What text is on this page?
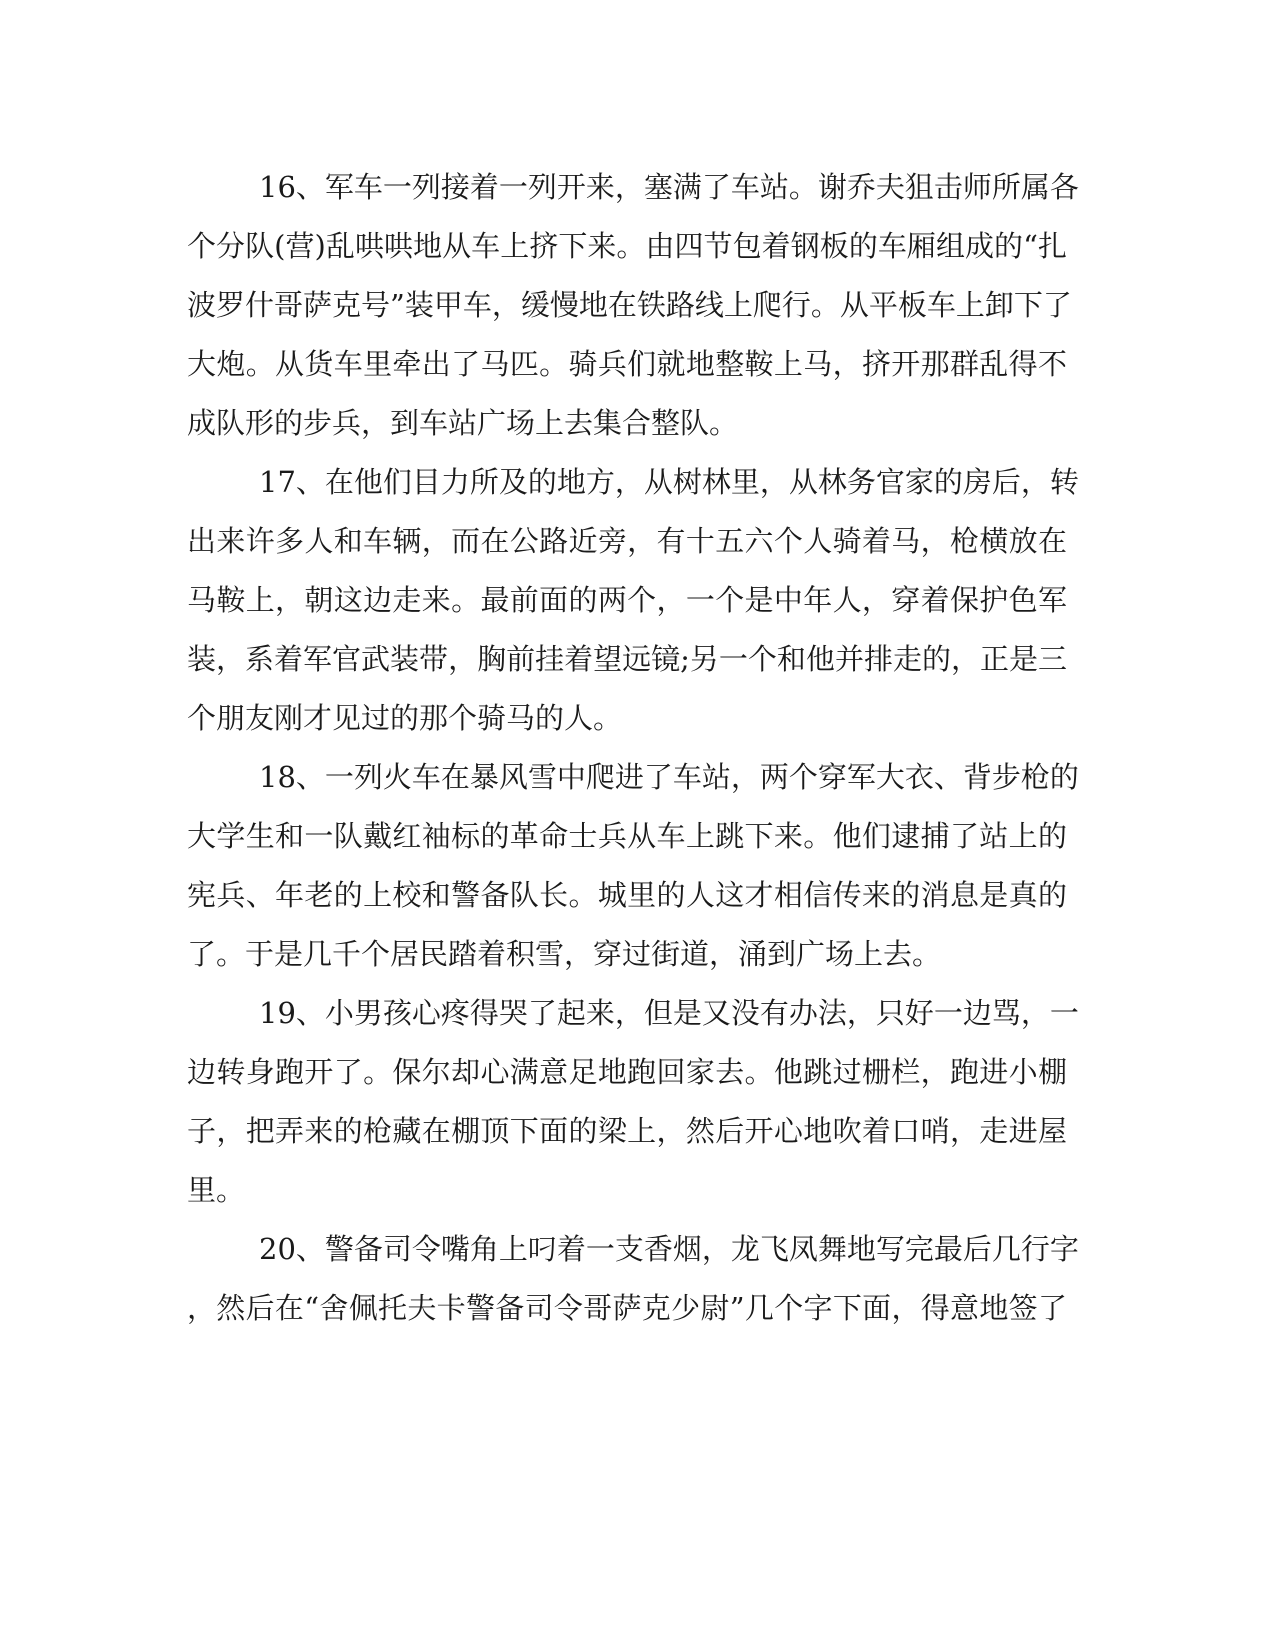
16、军车一列接着一列开来，塞满了车站。谢乔夫狙击师所属各
个分队(营)乱哄哄地从车上挤下来。由四节包着钢板的车厢组成的“扎
波罗什哥萨克号”装甲车，缓慢地在铁路线上爬行。从平板车上卸下了
大炮。从货车里牵出了马匹。骑兵们就地整鞍上马，挤开那群乱得不
成队形的步兵，到车站广场上去集合整队。
17、在他们目力所及的地方，从树林里，从林务官家的房后，转
出来许多人和车辆，而在公路近旁，有十五六个人骑着马，枪横放在
马鞍上，朝这边走来。最前面的两个，一个是中年人，穿着保护色军
装，系着军官武装带，胸前挂着望远镜;另一个和他并排走的，正是三
个朋友刚才见过的那个骑马的人。
18、一列火车在暴风雪中爬进了车站，两个穿军大衣、背步枪的
大学生和一队戴红袖标的革命士兵从车上跳下来。他们逮捕了站上的
宪兵、年老的上校和警备队长。城里的人这才相信传来的消息是真的
了。于是几千个居民踏着积雪，穿过街道，涌到广场上去。
19、小男孩心疼得哭了起来，但是又没有办法，只好一边骂，一
边转身跑开了。保尔却心满意足地跑回家去。他跳过栅栏，跑进小棚
子，把弄来的枪藏在棚顶下面的梁上，然后开心地吹着口哨，走进屋
里。
20、警备司令嘴角上叼着一支香烟，龙飞凤舞地写完最后几行字
，然后在“舍佩托夫卡警备司令哥萨克少尉”几个字下面，得意地签了
